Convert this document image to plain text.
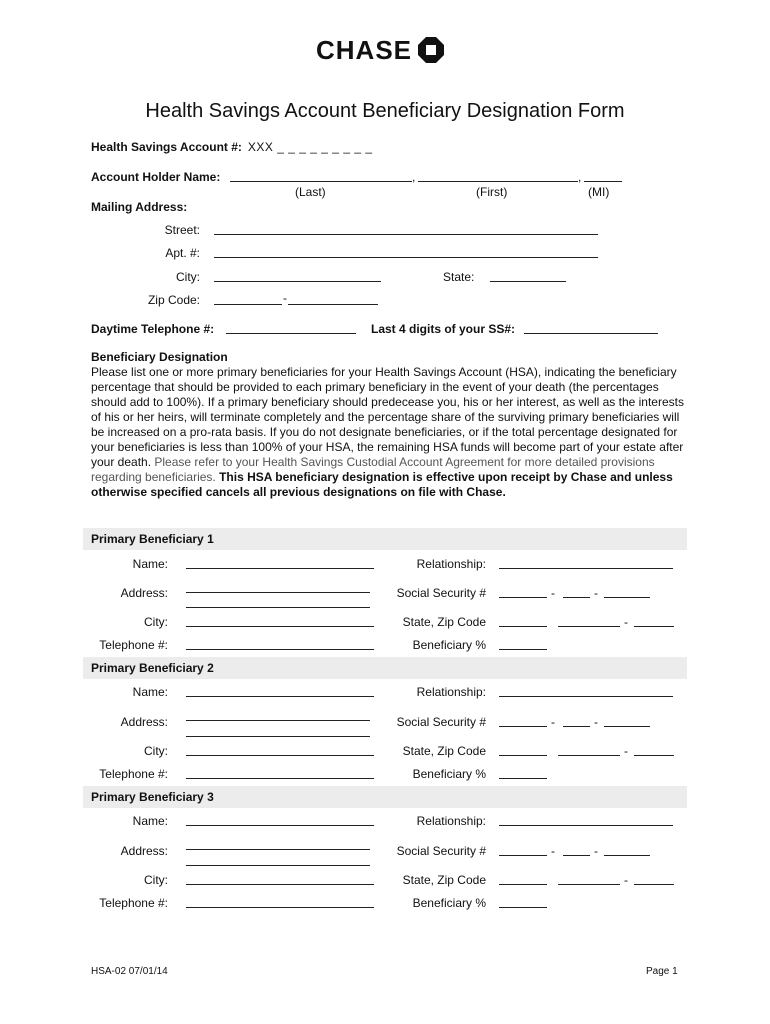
CHASE
Health Savings Account Beneficiary Designation Form
Health Savings Account #: XXX _ _ _ _ _ _ _ _ _
Account Holder Name:	,	,
(Last)	(First)	(MI)
Mailing Address:
Street:
Apt. #:
City:	State:
Zip Code:	-
Daytime Telephone #:	Last 4 digits of your SS#:
Beneficiary Designation
Please list one or more primary beneficiaries for your Health Savings Account (HSA), indicating the beneficiary percentage that should be provided to each primary beneficiary in the event of your death (the percentages should add to 100%). If a primary beneficiary should predecease you, his or her interest, as well as the interests of his or her heirs, will terminate completely and the percentage share of the surviving primary beneficiaries will be increased on a pro-rata basis. If you do not designate beneficiaries, or if the total percentage designated for your beneficiaries is less than 100% of your HSA, the remaining HSA funds will become part of your estate after your death. Please refer to your Health Savings Custodial Account Agreement for more detailed provisions regarding beneficiaries. This HSA beneficiary designation is effective upon receipt by Chase and unless otherwise specified cancels all previous designations on file with Chase.
Primary Beneficiary 1
Name:	Relationship:
Address:	Social Security #	-	-
City:	State, Zip Code	-
Telephone #:	Beneficiary %
Primary Beneficiary 2
Name:	Relationship:
Address:	Social Security #	-	-
City:	State, Zip Code	-
Telephone #:	Beneficiary %
Primary Beneficiary 3
Name:	Relationship:
Address:	Social Security #	-	-
City:	State, Zip Code	-
Telephone #:	Beneficiary %
HSA-02 07/01/14	Page 1
